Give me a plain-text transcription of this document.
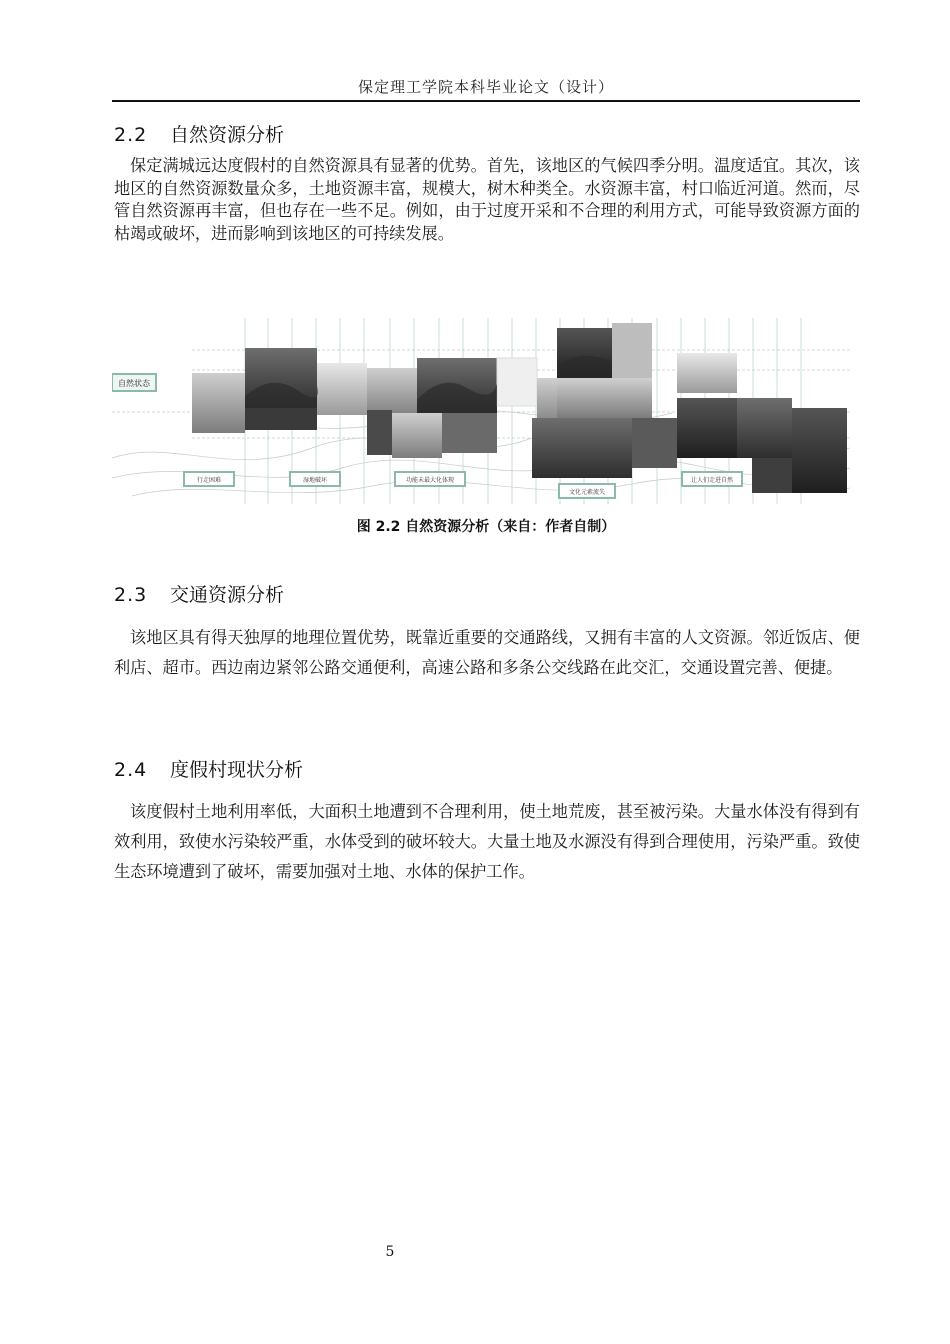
保定理工学院本科毕业论文（设计）
2.2 自然资源分析

保定满城远达度假村的自然资源具有显著的优势。首先，该地区的气候四季分明。温度适宜。其次，该地区的自然资源数量众多，土地资源丰富，规模大，树木种类全。水资源丰富，村口临近河道。然而，尽管自然资源再丰富，但也存在一些不足。例如，由于过度开采和不合理的利用方式，可能导致资源方面的枯竭或破坏，进而影响到该地区的可持续发展。

自然状态
行走困难	湿地破坏	功能未最大化体现
文化元素流失
让人们走进自然
图 2.2 自然资源分析（来自：作者自制）
2.3 交通资源分析

该地区具有得天独厚的地理位置优势，既靠近重要的交通路线，又拥有丰富的人文资源。邻近饭店、便利店、超市。西边南边紧邻公路交通便利，高速公路和多条公交线路在此交汇，交通设置完善、便捷。

2.4 度假村现状分析

该度假村土地利用率低，大面积土地遭到不合理利用，使土地荒废，甚至被污染。大量水体没有得到有效利用，致使水污染较严重，水体受到的破坏较大。大量土地及水源没有得到合理使用，污染严重。致使生态环境遭到了破坏，需要加强对土地、水体的保护工作。

5
